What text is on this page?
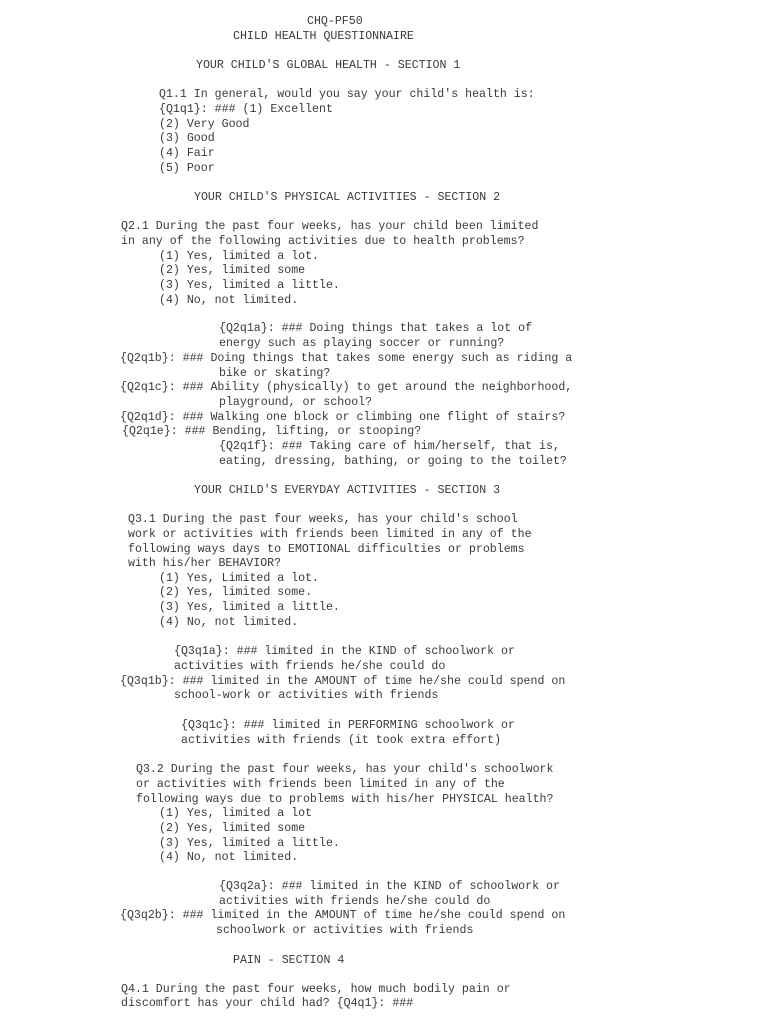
CHQ-PF50
CHILD HEALTH QUESTIONNAIRE
YOUR CHILD'S GLOBAL HEALTH - SECTION 1
Q1.1 In general, would you say your child's health is:
{Q1q1}: ### (1) Excellent
(2) Very Good
(3) Good
(4) Fair
(5) Poor
YOUR CHILD'S PHYSICAL ACTIVITIES - SECTION 2
Q2.1 During the past four weeks, has your child been limited
in any of the following activities due to health problems?
(1) Yes, limited a lot.
(2) Yes, limited some
(3) Yes, limited a little.
(4) No, not limited.
{Q2q1a}: ### Doing things that takes a lot of
energy such as playing soccer or running?
{Q2q1b}: ### Doing things that takes some energy such as riding a
bike or skating?
{Q2q1c}: ### Ability (physically) to get around the neighborhood,
playground, or school?
{Q2q1d}: ### Walking one block or climbing one flight of stairs?
{Q2q1e}: ### Bending, lifting, or stooping?
{Q2q1f}: ### Taking care of him/herself, that is,
eating, dressing, bathing, or going to the toilet?
YOUR CHILD'S EVERYDAY ACTIVITIES - SECTION 3
Q3.1 During the past four weeks, has your child's school
work or activities with friends been limited in any of the
following ways days to EMOTIONAL difficulties or problems
with his/her BEHAVIOR?
(1) Yes, Limited a lot.
(2) Yes, limited some.
(3) Yes, limited a little.
(4) No, not limited.
{Q3q1a}: ### limited in the KIND of schoolwork or
activities with friends he/she could do
{Q3q1b}: ### limited in the AMOUNT of time he/she could spend on
school-work or activities with friends
{Q3q1c}: ### limited in PERFORMING schoolwork or
activities with friends (it took extra effort)
Q3.2 During the past four weeks, has your child's schoolwork
or activities with friends been limited in any of the
following ways due to problems with his/her PHYSICAL health?
(1) Yes, limited a lot
(2) Yes, limited some
(3) Yes, limited a little.
(4) No, not limited.
{Q3q2a}: ### limited in the KIND of schoolwork or
activities with friends he/she could do
{Q3q2b}: ### limited in the AMOUNT of time he/she could spend on
schoolwork or activities with friends
PAIN - SECTION 4
Q4.1 During the past four weeks, how much bodily pain or
discomfort has your child had? {Q4q1}: ###
